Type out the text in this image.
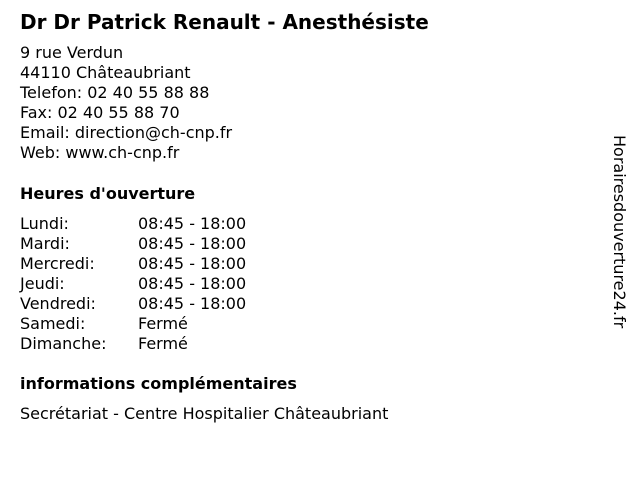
Dr Dr Patrick Renault - Anesthésiste
9 rue Verdun
44110 Châteaubriant
Telefon: 02 40 55 88 88
Fax: 02 40 55 88 70
Email: direction@ch-cnp.fr
Web: www.ch-cnp.fr
Heures d'ouverture
Lundi:	08:45 - 18:00
Mardi:	08:45 - 18:00
Mercredi:	08:45 - 18:00
Jeudi:	08:45 - 18:00
Vendredi:	08:45 - 18:00
Samedi:	Fermé
Dimanche:	Fermé
informations complémentaires
Secrétariat - Centre Hospitalier Châteaubriant
Horairesdouverture24.fr
